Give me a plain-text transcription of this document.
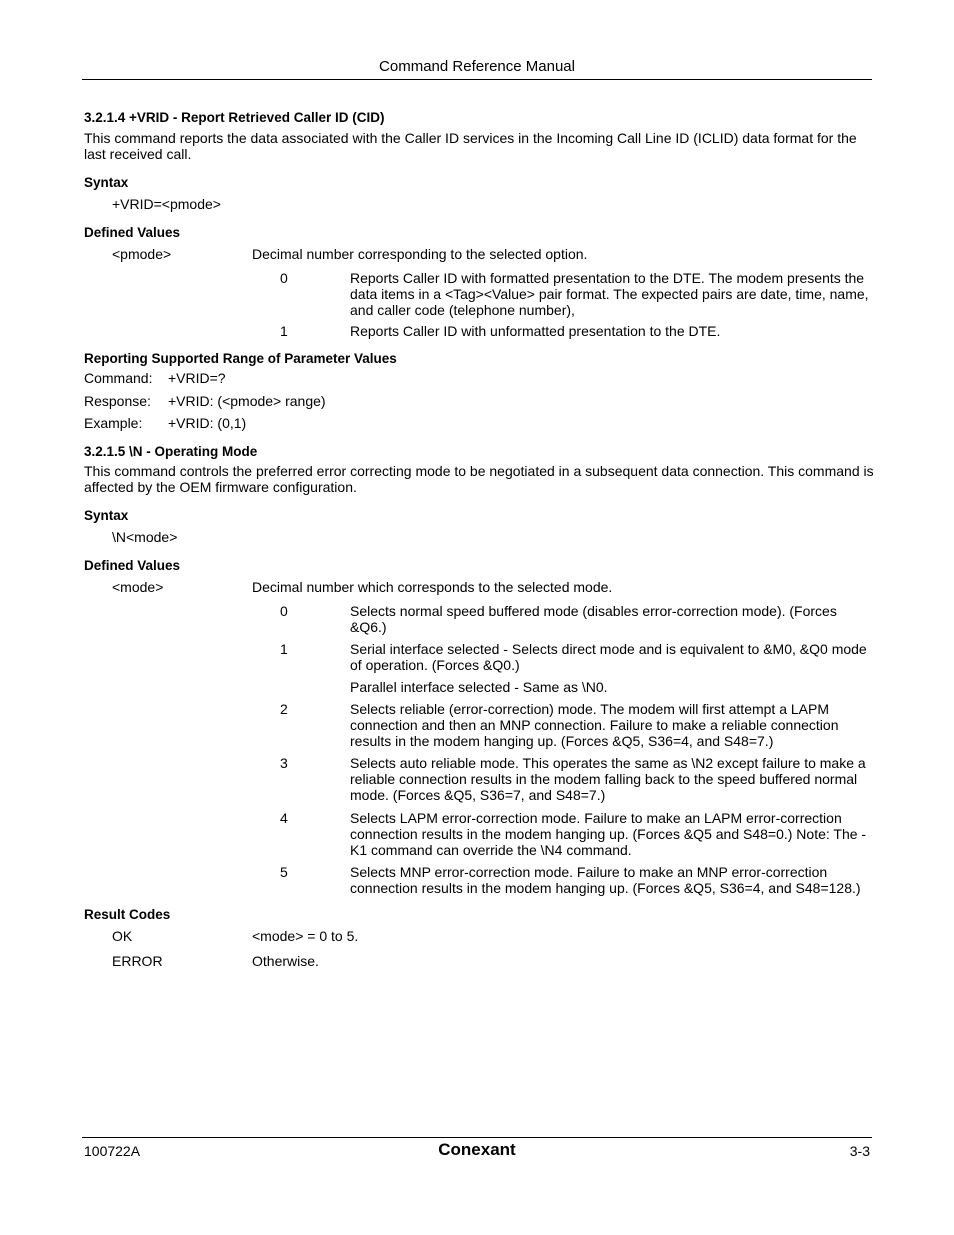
Command Reference Manual
3.2.1.4 +VRID - Report Retrieved Caller ID (CID)
This command reports the data associated with the Caller ID services in the Incoming Call Line ID (ICLID) data format for the last received call.
Syntax
+VRID=<pmode>
Defined Values
<pmode>	Decimal number corresponding to the selected option.
0	Reports Caller ID with formatted presentation to the DTE. The modem presents the data items in a <Tag><Value> pair format. The expected pairs are date, time, name, and caller code (telephone number),
1	Reports Caller ID with unformatted presentation to the DTE.
Reporting Supported Range of Parameter Values
Command: +VRID=?
Response: +VRID: (<pmode> range)
Example: +VRID: (0,1)
3.2.1.5 \N - Operating Mode
This command controls the preferred error correcting mode to be negotiated in a subsequent data connection. This command is affected by the OEM firmware configuration.
Syntax
\N<mode>
Defined Values
<mode>	Decimal number which corresponds to the selected mode.
0	Selects normal speed buffered mode (disables error-correction mode). (Forces &Q6.)
1	Serial interface selected - Selects direct mode and is equivalent to &M0, &Q0 mode of operation. (Forces &Q0.)
Parallel interface selected - Same as \N0.
2	Selects reliable (error-correction) mode. The modem will first attempt a LAPM connection and then an MNP connection. Failure to make a reliable connection results in the modem hanging up. (Forces &Q5, S36=4, and S48=7.)
3	Selects auto reliable mode. This operates the same as \N2 except failure to make a reliable connection results in the modem falling back to the speed buffered normal mode. (Forces &Q5, S36=7, and S48=7.)
4	Selects LAPM error-correction mode. Failure to make an LAPM error-correction connection results in the modem hanging up. (Forces &Q5 and S48=0.) Note: The -K1 command can override the \N4 command.
5	Selects MNP error-correction mode. Failure to make an MNP error-correction connection results in the modem hanging up. (Forces &Q5, S36=4, and S48=128.)
Result Codes
OK	<mode> = 0 to 5.
ERROR	Otherwise.
100722A	Conexant	3-3
